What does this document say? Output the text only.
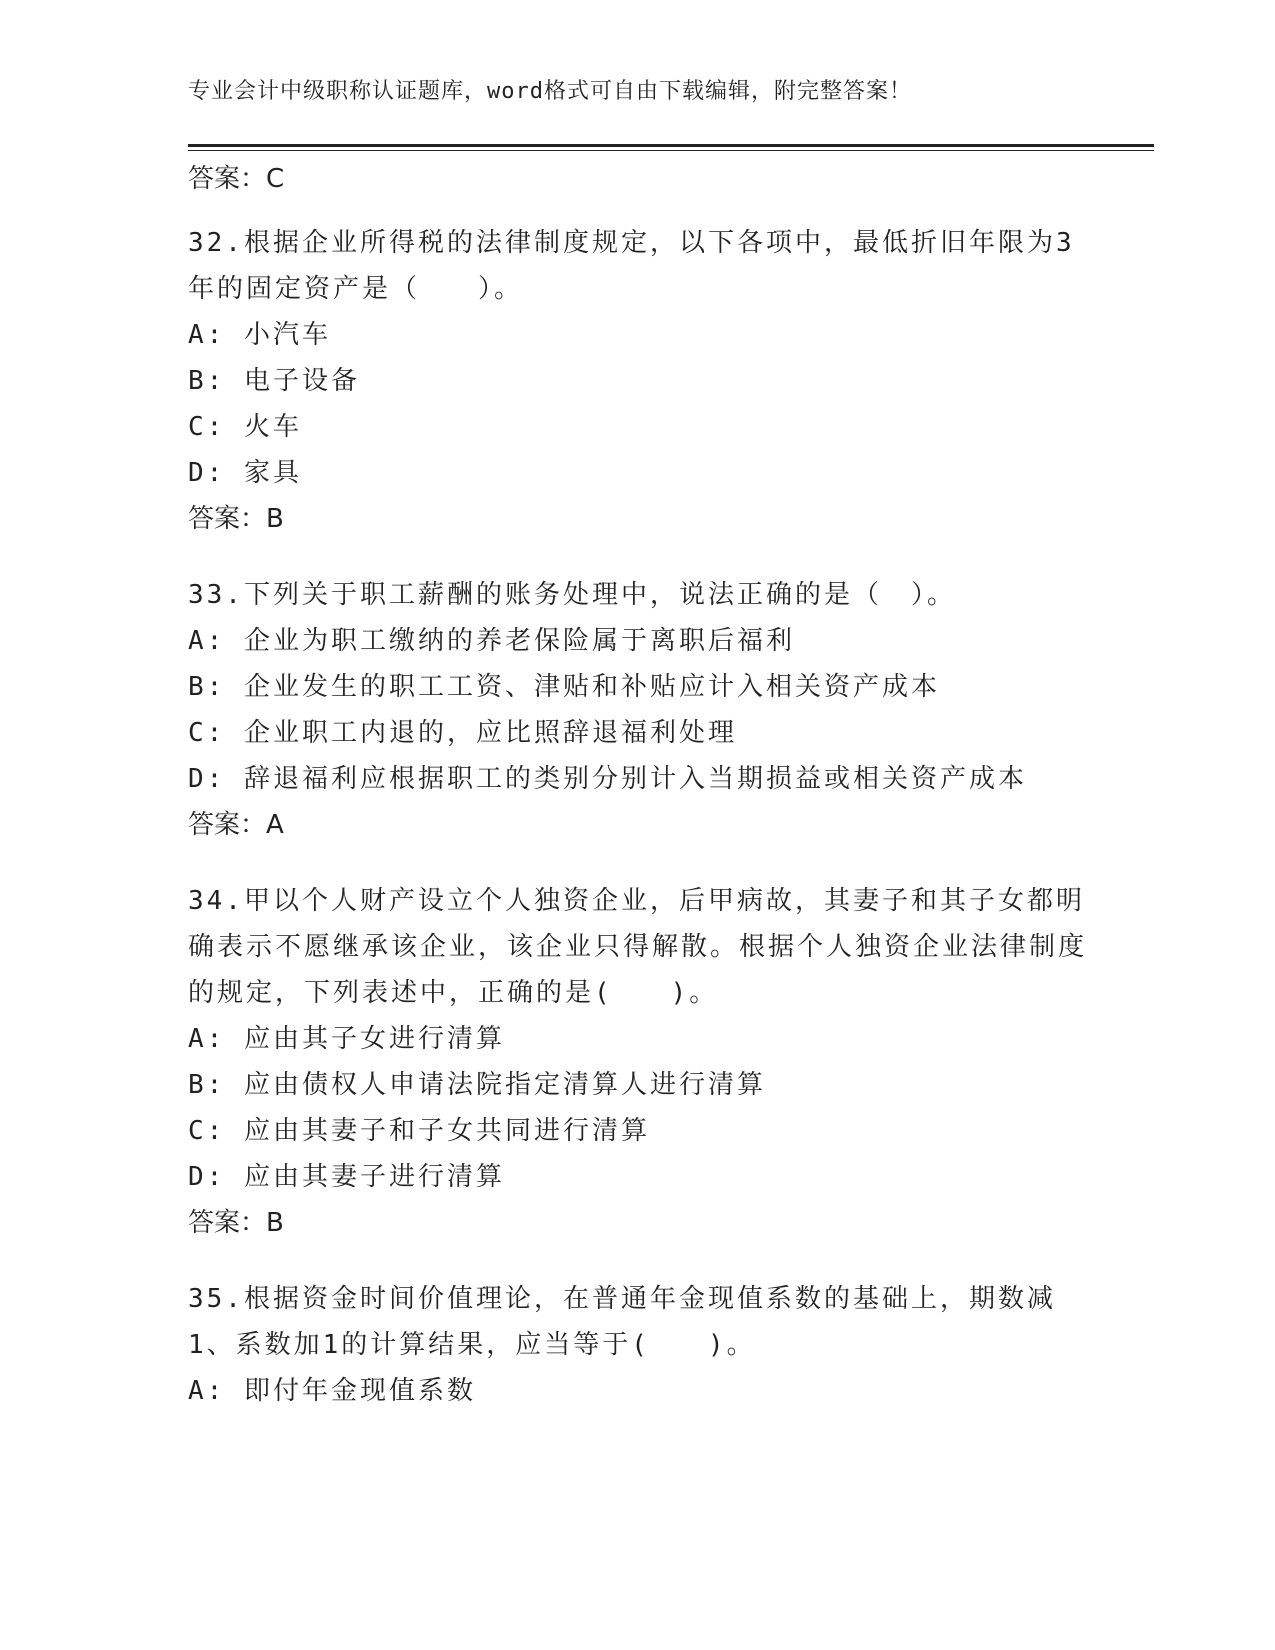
专业会计中级职称认证题库，word格式可自由下载编辑，附完整答案！
答案：C
32.根据企业所得税的法律制度规定，以下各项中，最低折旧年限为3年的固定资产是（　　）。
A: 小汽车
B: 电子设备
C: 火车
D: 家具
答案：B
33.下列关于职工薪酬的账务处理中，说法正确的是（　）。
A: 企业为职工缴纳的养老保险属于离职后福利
B: 企业发生的职工工资、津贴和补贴应计入相关资产成本
C: 企业职工内退的，应比照辞退福利处理
D: 辞退福利应根据职工的类别分别计入当期损益或相关资产成本
答案：A
34.甲以个人财产设立个人独资企业，后甲病故，其妻子和其子女都明确表示不愿继承该企业，该企业只得解散。根据个人独资企业法律制度的规定，下列表述中，正确的是(　　)。
A: 应由其子女进行清算
B: 应由债权人申请法院指定清算人进行清算
C: 应由其妻子和子女共同进行清算
D: 应由其妻子进行清算
答案：B
35.根据资金时间价值理论，在普通年金现值系数的基础上，期数减1、系数加1的计算结果，应当等于(　　)。
A: 即付年金现值系数
